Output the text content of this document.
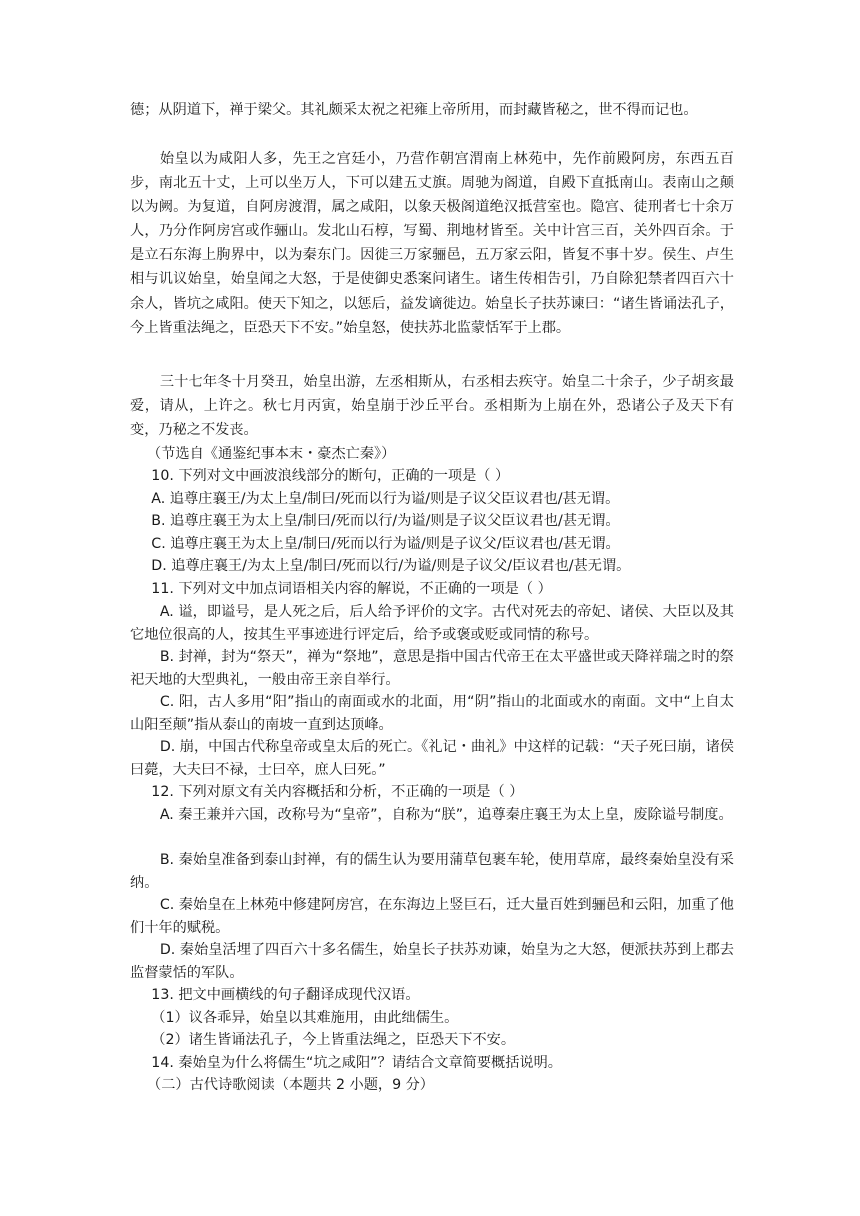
德；从阴道下，禅于梁父。其礼颇采太祝之祀雍上帝所用，而封藏皆秘之，世不得而记也。

始皇以为咸阳人多，先王之宫廷小，乃营作朝宫渭南上林苑中，先作前殿阿房，东西五百步，南北五十丈，上可以坐万人，下可以建五丈旗。周驰为阁道，自殿下直抵南山。表南山之颠以为阙。为复道，自阿房渡渭，属之咸阳，以象天极阁道绝汉抵营室也。隐宫、徒刑者七十余万人，乃分作阿房宫或作骊山。发北山石椁，写蜀、荆地材皆至。关中计宫三百，关外四百余。于是立石东海上朐界中，以为秦东门。因徙三万家骊邑，五万家云阳，皆复不事十岁。侯生、卢生相与讥议始皇，始皇闻之大怒，于是使御史悉案问诸生。诸生传相告引，乃自除犯禁者四百六十余人，皆坑之咸阳。使天下知之，以惩后，益发谪徙边。始皇长子扶苏谏曰：“诸生皆诵法孔子，今上皆重法绳之，臣恐天下不安。”始皇怒，使扶苏北监蒙恬军于上郡。

三十七年冬十月癸丑，始皇出游，左丞相斯从，右丞相去疾守。始皇二十余子，少子胡亥最爱，请从，上许之。秋七月丙寅，始皇崩于沙丘平台。丞相斯为上崩在外，恐诸公子及天下有变，乃秘之不发丧。

（节选自《通鉴纪事本末・豪杰亡秦》）

10. 下列对文中画波浪线部分的断句，正确的一项是（ ）

A. 追尊庄襄王/为太上皇/制曰/死而以行为谥/则是子议父臣议君也/甚无谓。

B. 追尊庄襄王为太上皇/制曰/死而以行/为谥/则是子议父臣议君也/甚无谓。

C. 追尊庄襄王为太上皇/制曰/死而以行为谥/则是子议父/臣议君也/甚无谓。

D. 追尊庄襄王/为太上皇/制曰/死而以行/为谥/则是子议父/臣议君也/甚无谓。

11. 下列对文中加点词语相关内容的解说，不正确的一项是（ ）

A. 谥，即谥号，是人死之后，后人给予评价的文字。古代对死去的帝妃、诸侯、大臣以及其它地位很高的人，按其生平事迹进行评定后，给予或褒或贬或同情的称号。

B. 封禅，封为“祭天”，禅为“祭地”，意思是指中国古代帝王在太平盛世或天降祥瑞之时的祭祀天地的大型典礼，一般由帝王亲自举行。

C. 阳，古人多用“阳”指山的南面或水的北面，用“阴”指山的北面或水的南面。文中“上自太山阳至颠”指从泰山的南坡一直到达顶峰。

D. 崩，中国古代称皇帝或皇太后的死亡。《礼记・曲礼》中这样的记载：“天子死曰崩，诸侯曰薨，大夫曰不禄，士曰卒，庶人曰死。”

12. 下列对原文有关内容概括和分析，不正确的一项是（ ）

A. 秦王兼并六国，改称号为“皇帝”，自称为“朕”，追尊秦庄襄王为太上皇，废除谥号制度。

B. 秦始皇准备到泰山封禅，有的儒生认为要用蒲草包裹车轮，使用草席，最终秦始皇没有采纳。

C. 秦始皇在上林苑中修建阿房宫，在东海边上竖巨石，迁大量百姓到骊邑和云阳，加重了他们十年的赋税。

D. 秦始皇活埋了四百六十多名儒生，始皇长子扶苏劝谏，始皇为之大怒，便派扶苏到上郡去监督蒙恬的军队。

13. 把文中画横线的句子翻译成现代汉语。

（1）议各乖异，始皇以其难施用，由此绌儒生。

（2）诸生皆诵法孔子，今上皆重法绳之，臣恐天下不安。

14. 秦始皇为什么将儒生“坑之咸阳”？请结合文章简要概括说明。

（二）古代诗歌阅读（本题共 2 小题，9 分）
